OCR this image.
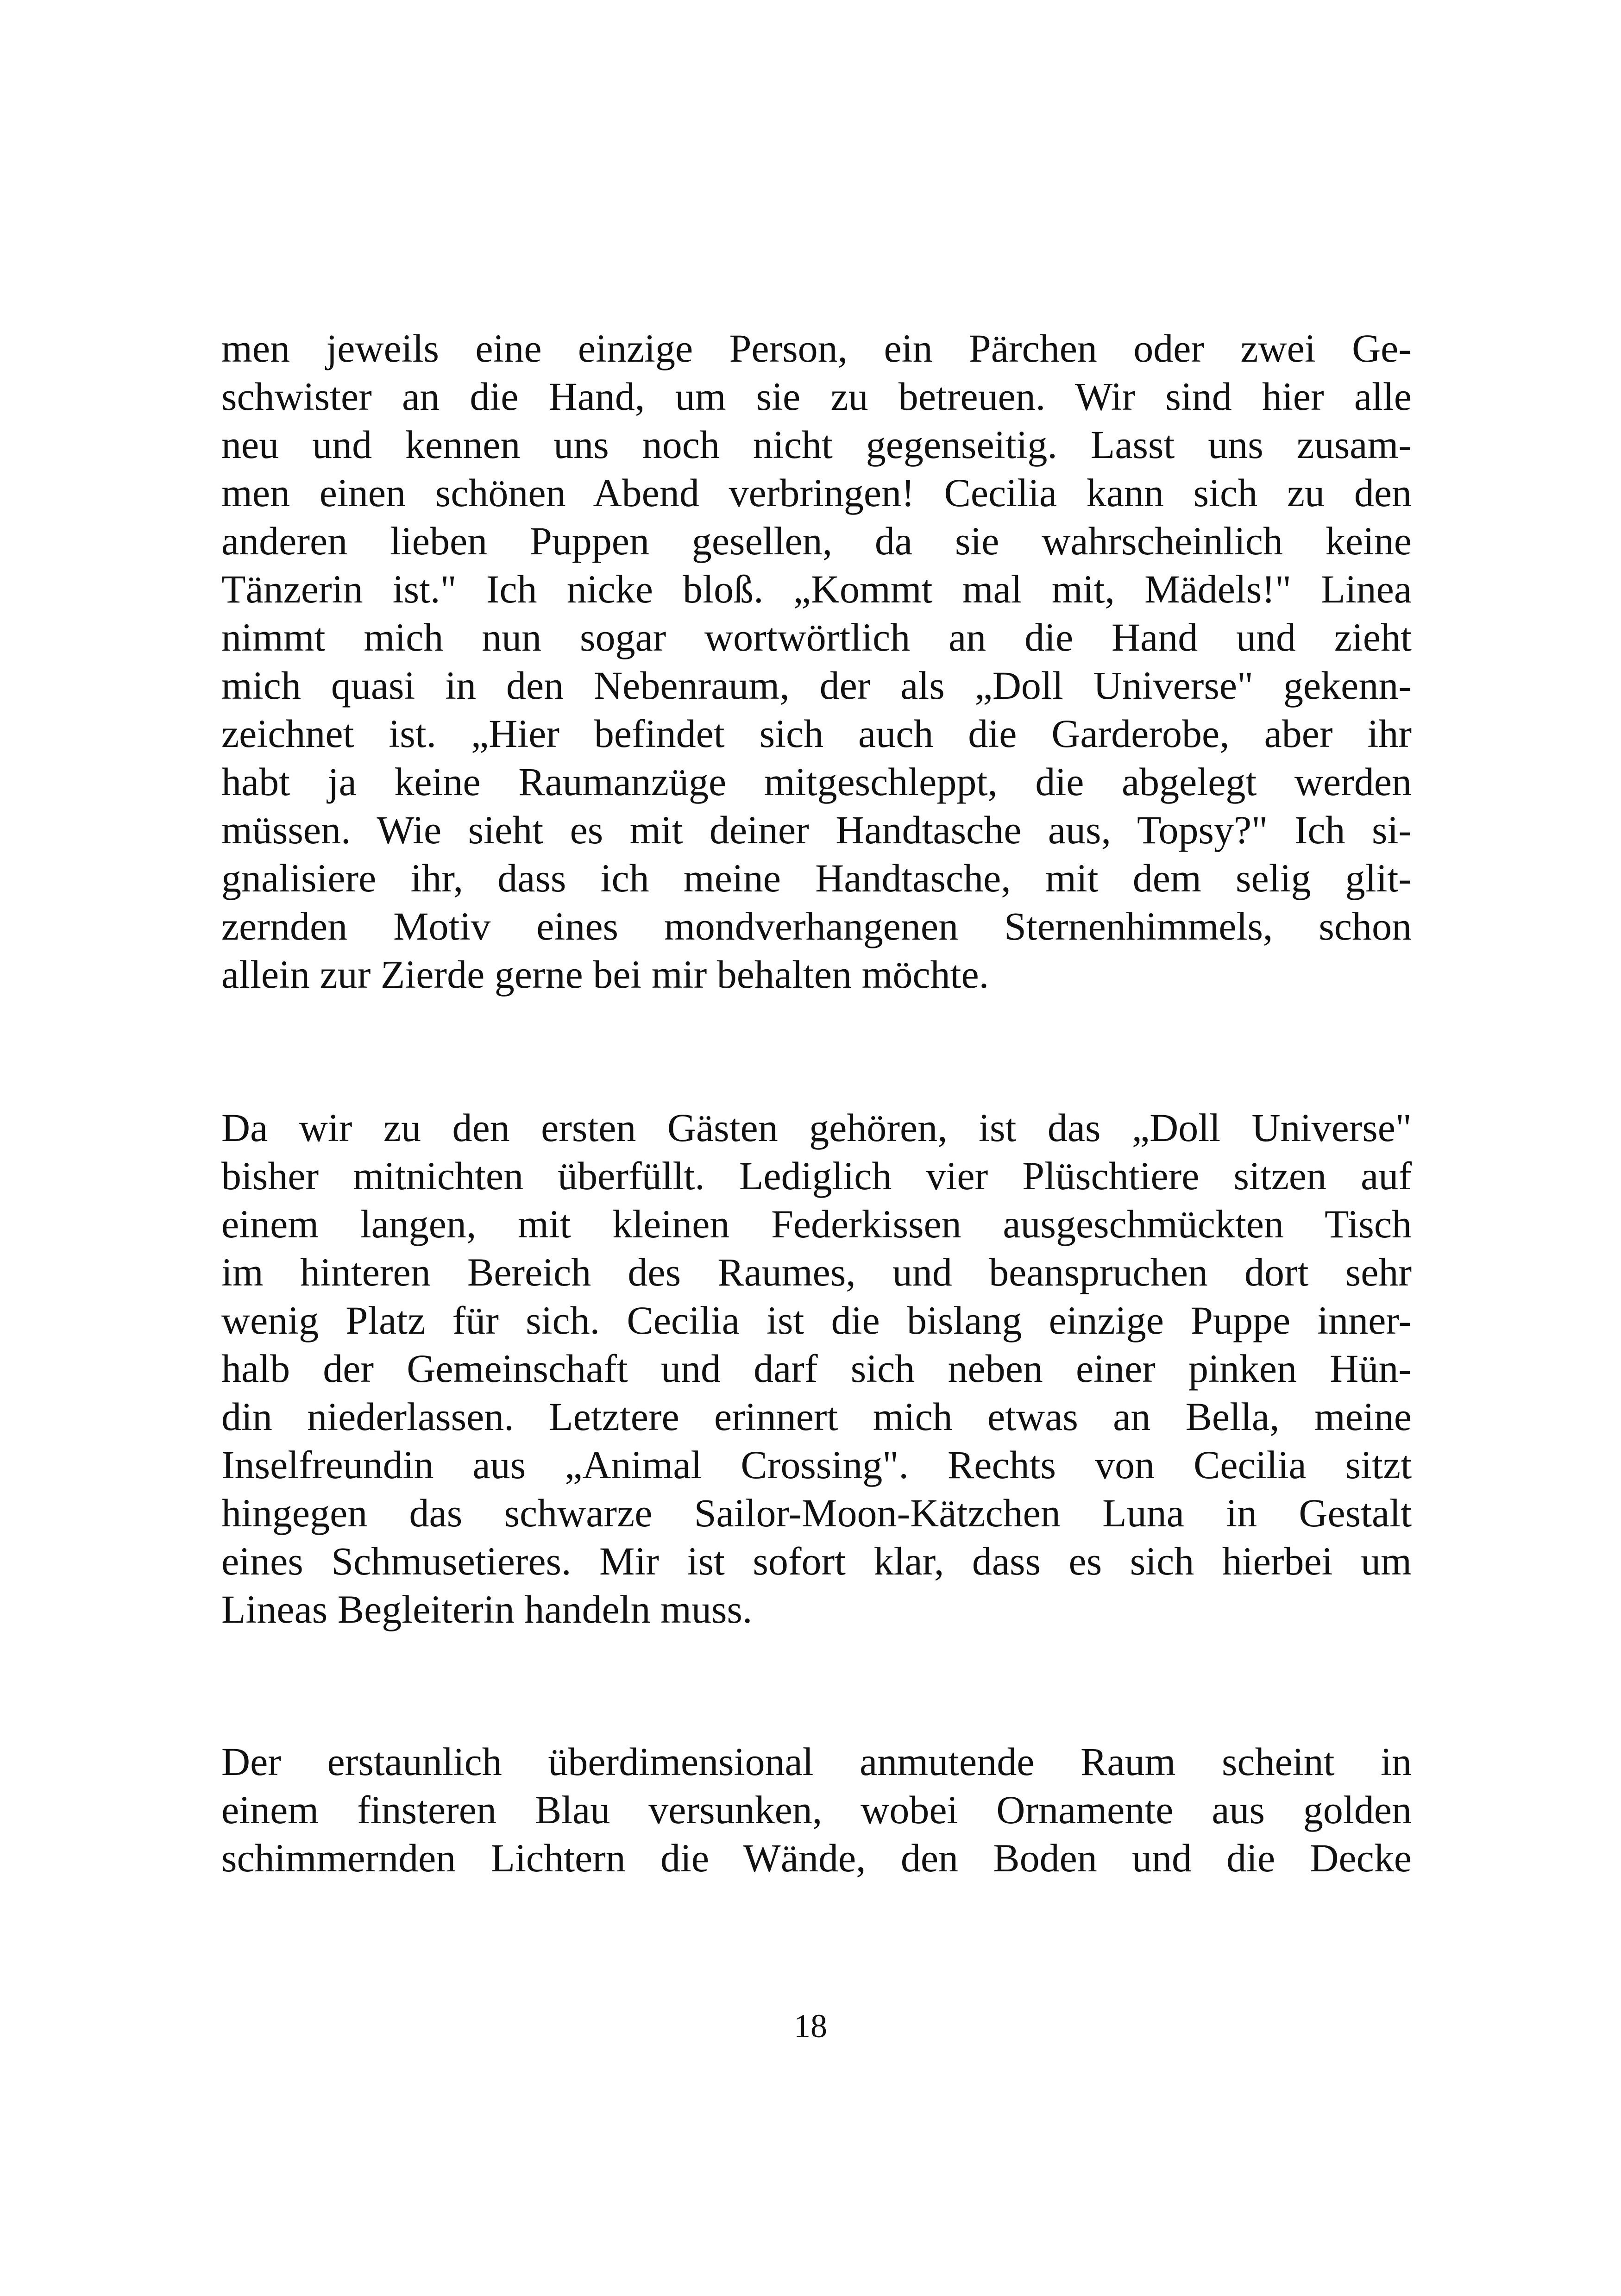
men jeweils eine einzige Person, ein Pärchen oder zwei Ge-
schwister an die Hand, um sie zu betreuen. Wir sind hier alle
neu und kennen uns noch nicht gegenseitig. Lasst uns zusam-
men einen schönen Abend verbringen! Cecilia kann sich zu den
anderen lieben Puppen gesellen, da sie wahrscheinlich keine
Tänzerin ist." Ich nicke bloß. „Kommt mal mit, Mädels!" Linea
nimmt mich nun sogar wortwörtlich an die Hand und zieht
mich quasi in den Nebenraum, der als „Doll Universe" gekenn-
zeichnet ist. „Hier befindet sich auch die Garderobe, aber ihr
habt ja keine Raumanzüge mitgeschleppt, die abgelegt werden
müssen. Wie sieht es mit deiner Handtasche aus, Topsy?" Ich si-
gnalisiere ihr, dass ich meine Handtasche, mit dem selig glit-
zernden Motiv eines mondverhangenen Sternenhimmels, schon
allein zur Zierde gerne bei mir behalten möchte.
Da wir zu den ersten Gästen gehören, ist das „Doll Universe"
bisher mitnichten überfüllt. Lediglich vier Plüschtiere sitzen auf
einem langen, mit kleinen Federkissen ausgeschmückten Tisch
im hinteren Bereich des Raumes, und beanspruchen dort sehr
wenig Platz für sich. Cecilia ist die bislang einzige Puppe inner-
halb der Gemeinschaft und darf sich neben einer pinken Hün-
din niederlassen. Letztere erinnert mich etwas an Bella, meine
Inselfreundin aus „Animal Crossing". Rechts von Cecilia sitzt
hingegen das schwarze Sailor-Moon-Kätzchen Luna in Gestalt
eines Schmusetieres. Mir ist sofort klar, dass es sich hierbei um
Lineas Begleiterin handeln muss.
Der erstaunlich überdimensional anmutende Raum scheint in
einem finsteren Blau versunken, wobei Ornamente aus golden
schimmernden Lichtern die Wände, den Boden und die Decke
18
